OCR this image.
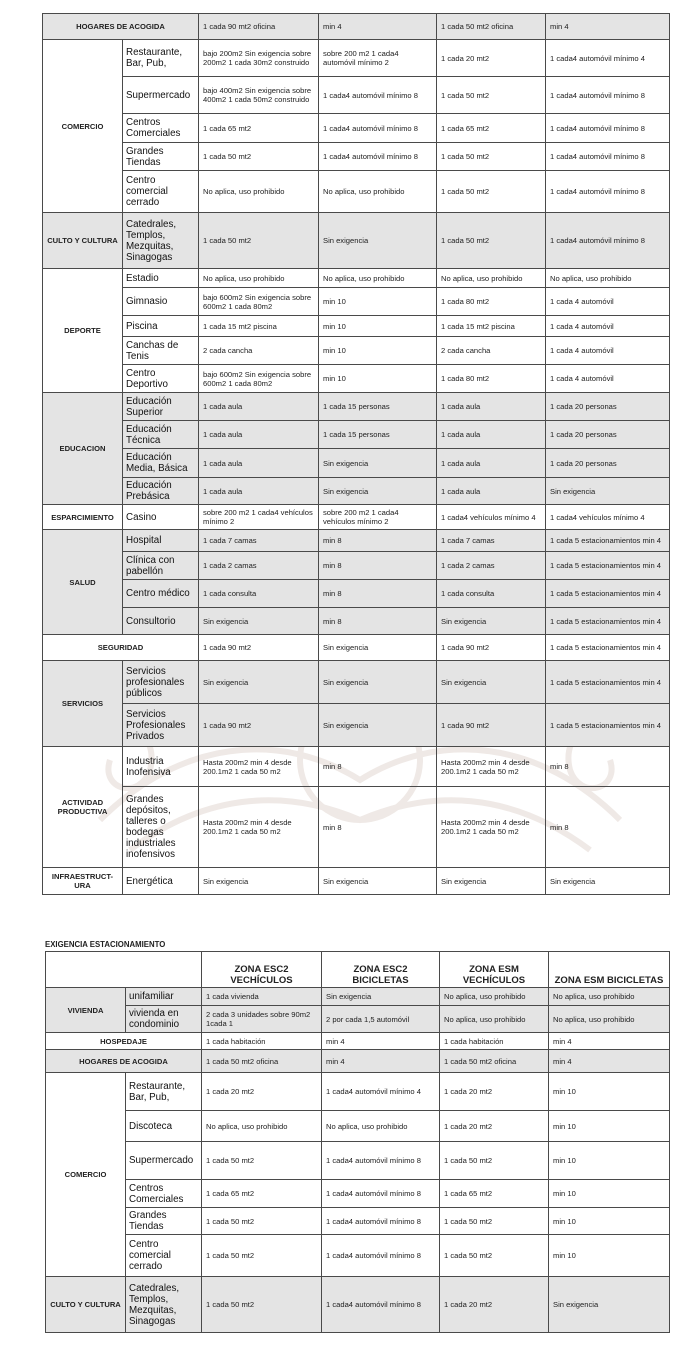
HOGARES DE ACOGIDA		1 cada 90 mt2 oficina	min 4	1 cada 50 mt2 oficina	min 4
COMERCIO	Restaurante, Bar, Pub,	bajo 200m2 Sin exigencia sobre 200m2 1 cada 30m2 construido	sobre 200 m2 1 cada4 automóvil mínimo 2	1 cada 20 mt2	1 cada4 automóvil mínimo 4
	Supermercado	bajo 400m2 Sin exigencia sobre 400m2 1 cada 50m2 construido	1 cada4 automóvil mínimo 8	1 cada 50 mt2	1 cada4 automóvil mínimo 8
	Centros Comerciales	1 cada 65 mt2	1 cada4 automóvil mínimo 8	1 cada 65 mt2	1 cada4 automóvil mínimo 8
	Grandes Tiendas	1 cada 50 mt2	1 cada4 automóvil mínimo 8	1 cada 50 mt2	1 cada4 automóvil mínimo 8
	Centro comercial cerrado	No aplica, uso prohibido	No aplica, uso prohibido	1 cada 50 mt2	1 cada4 automóvil mínimo 8
CULTO Y CULTURA	Catedrales, Templos, Mezquitas, Sinagogas	1 cada 50 mt2	Sin exigencia	1 cada 50 mt2	1 cada4 automóvil mínimo 8
DEPORTE	Estadio	No aplica, uso prohibido	No aplica, uso prohibido	No aplica, uso prohibido	No aplica, uso prohibido
	Gimnasio	bajo 600m2 Sin exigencia sobre 600m2 1 cada 80m2	min 10	1 cada 80 mt2	1 cada 4 automóvil
	Piscina	1 cada 15 mt2 piscina	min 10	1 cada 15 mt2 piscina	1 cada 4 automóvil
	Canchas de Tenis	2 cada cancha	min 10	2 cada cancha	1 cada 4 automóvil
	Centro Deportivo	bajo 600m2 Sin exigencia sobre 600m2 1 cada 80m2	min 10	1 cada 80 mt2	1 cada 4 automóvil
EDUCACION	Educación Superior	1 cada aula	1 cada 15 personas	1 cada aula	1 cada 20 personas
	Educación Técnica	1 cada aula	1 cada 15 personas	1 cada aula	1 cada 20 personas
	Educación Media, Básica	1 cada aula	Sin exigencia	1 cada aula	1 cada 20 personas
	Educación Prebásica	1 cada aula	Sin exigencia	1 cada aula	Sin exigencia
ESPARCIMIENTO	Casino	sobre 200 m2 1 cada4 vehículos mínimo 2	sobre 200 m2 1 cada4 vehículos mínimo 2	1 cada4 vehículos mínimo 4	1 cada4 vehículos mínimo 4
SALUD	Hospital	1 cada 7 camas	min 8	1 cada 7 camas	1 cada 5 estacionamientos min 4
	Clínica con pabellón	1 cada 2 camas	min 8	1 cada 2 camas	1 cada 5 estacionamientos min 4
	Centro médico	1 cada consulta	min 8	1 cada consulta	1 cada 5 estacionamientos min 4
	Consultorio	Sin exigencia	min 8	Sin exigencia	1 cada 5 estacionamientos min 4
SEGURIDAD		1 cada 90 mt2	Sin exigencia	1 cada 90 mt2	1 cada 5 estacionamientos min 4
SERVICIOS	Servicios profesionales públicos	Sin exigencia	Sin exigencia	Sin exigencia	1 cada 5 estacionamientos min 4
	Servicios Profesionales Privados	1 cada 90 mt2	Sin exigencia	1 cada 90 mt2	1 cada 5 estacionamientos min 4
ACTIVIDAD PRODUCTIVA	Industria Inofensiva	Hasta 200m2 min 4 desde 200.1m2 1 cada 50 m2	min 8	Hasta 200m2 min 4 desde 200.1m2 1 cada 50 m2	min 8
	Grandes depósitos, talleres o bodegas industriales inofensivos	Hasta 200m2 min 4 desde 200.1m2 1 cada 50 m2	min 8	Hasta 200m2 min 4 desde 200.1m2 1 cada 50 m2	min 8
INFRAESTRUCT- URA	Energética	Sin exigencia	Sin exigencia	Sin exigencia	Sin exigencia
EXIGENCIA ESTACIONAMIENTO
		ZONA ESC2 VECHÍCULOS	ZONA ESC2 BICICLETAS	ZONA ESM VECHÍCULOS	ZONA ESM BICICLETAS
VIVIENDA	unifamiliar	1 cada vivienda	Sin exigencia	No aplica, uso prohibido	No aplica, uso prohibido
	vivienda en condominio	2 cada 3 unidades sobre 90m2 1cada 1	2 por cada 1,5 automóvil	No aplica, uso prohibido	No aplica, uso prohibido
HOSPEDAJE		1 cada habitación	min 4	1 cada habitación	min 4
HOGARES DE ACOGIDA		1 cada 50 mt2 oficina	min 4	1 cada 50 mt2 oficina	min 4
COMERCIO	Restaurante, Bar, Pub,	1 cada 20 mt2	1 cada4 automóvil mínimo 4	1 cada 20 mt2	min 10
	Discoteca	No aplica, uso prohibido	No aplica, uso prohibido	1 cada 20 mt2	min 10
	Supermercado	1 cada 50 mt2	1 cada4 automóvil mínimo 8	1 cada 50 mt2	min 10
	Centros Comerciales	1 cada 65 mt2	1 cada4 automóvil mínimo 8	1 cada 65 mt2	min 10
	Grandes Tiendas	1 cada 50 mt2	1 cada4 automóvil mínimo 8	1 cada 50 mt2	min 10
	Centro comercial cerrado	1 cada 50 mt2	1 cada4 automóvil mínimo 8	1 cada 50 mt2	min 10
CULTO Y CULTURA	Catedrales, Templos, Mezquitas, Sinagogas	1 cada 50 mt2	1 cada4 automóvil mínimo 8	1 cada 20 mt2	Sin exigencia
